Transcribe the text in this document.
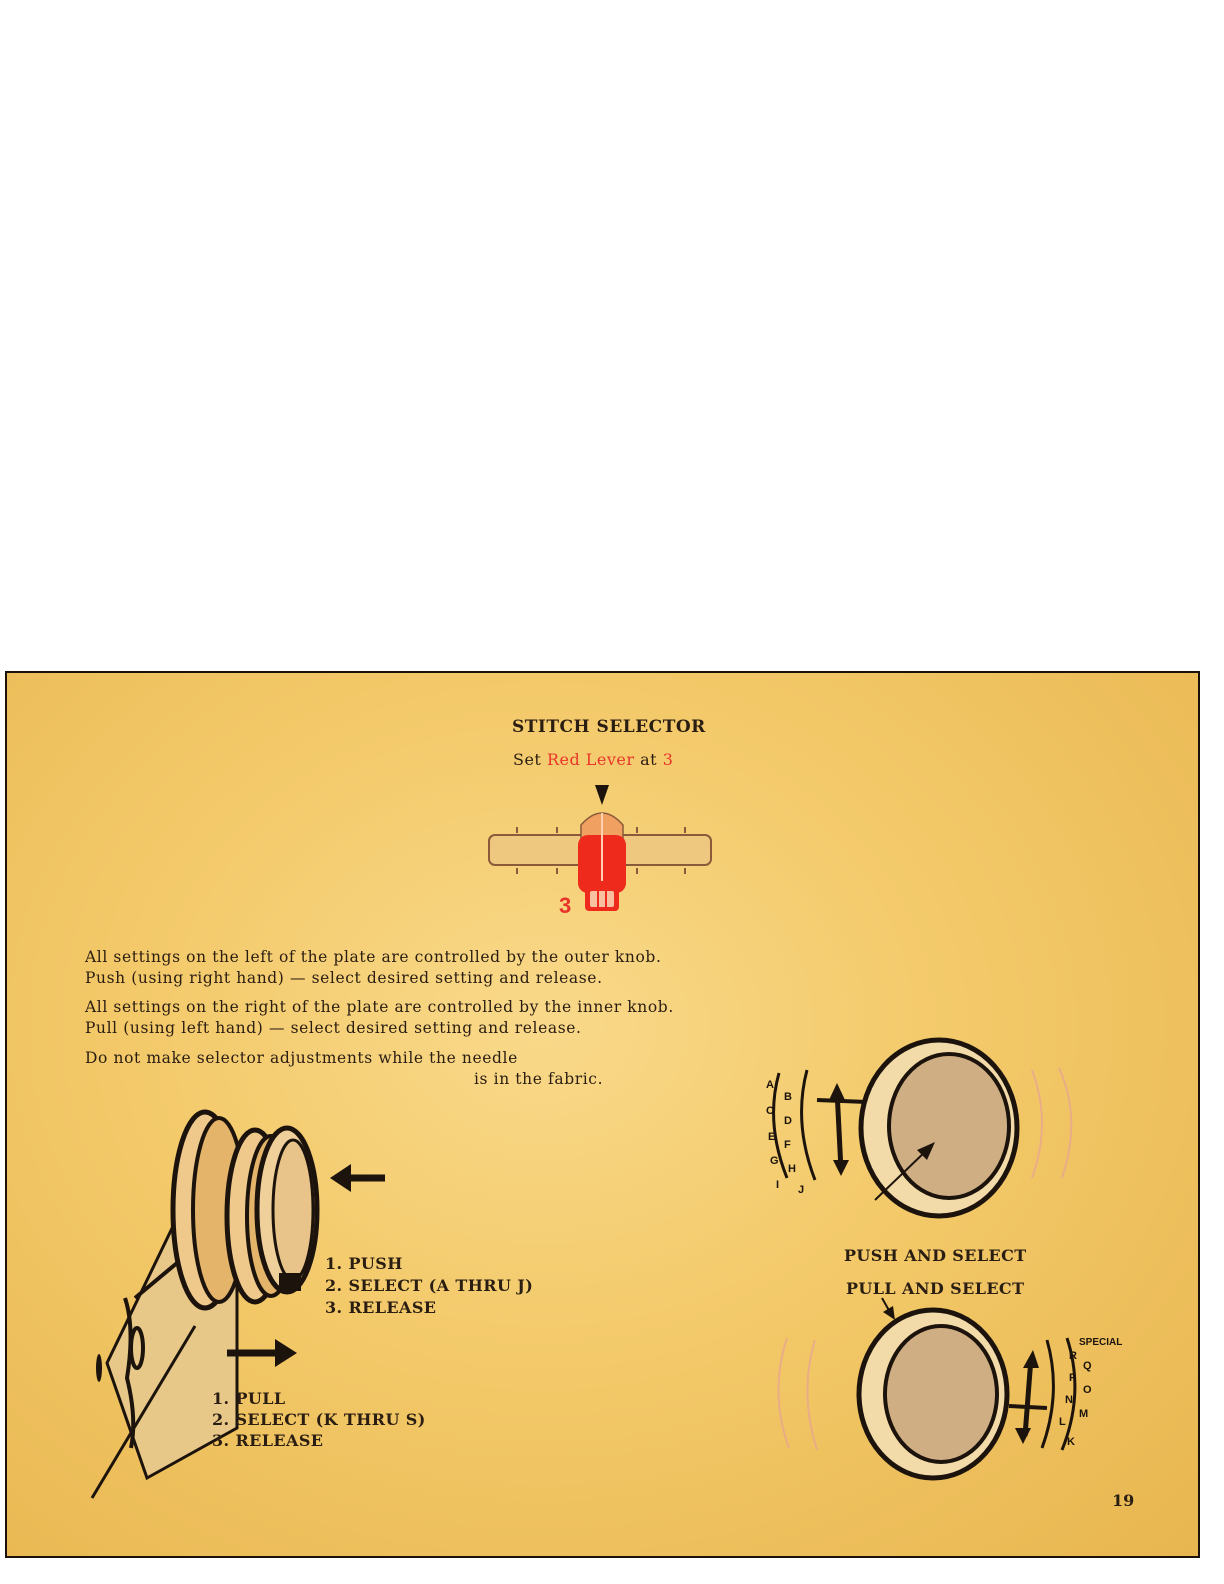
STITCH SELECTOR
Set Red Lever at 3
3
All settings on the left of the plate are controlled by the outer knob.
Push (using right hand) — select desired setting and release.
All settings on the right of the plate are controlled by the inner knob.
Pull (using left hand) — select desired setting and release.
Do not make selector adjustments while the needle
is in the fabric.
1. PUSH
2. SELECT (A THRU J)
3. RELEASE
1. PULL
2. SELECT (K THRU S)
3. RELEASE
A
B
C
D
E
F
G
H
I J
PUSH AND SELECT
PULL AND SELECT
SPECIAL
R
Q
P
O
N
M
L
K
19
